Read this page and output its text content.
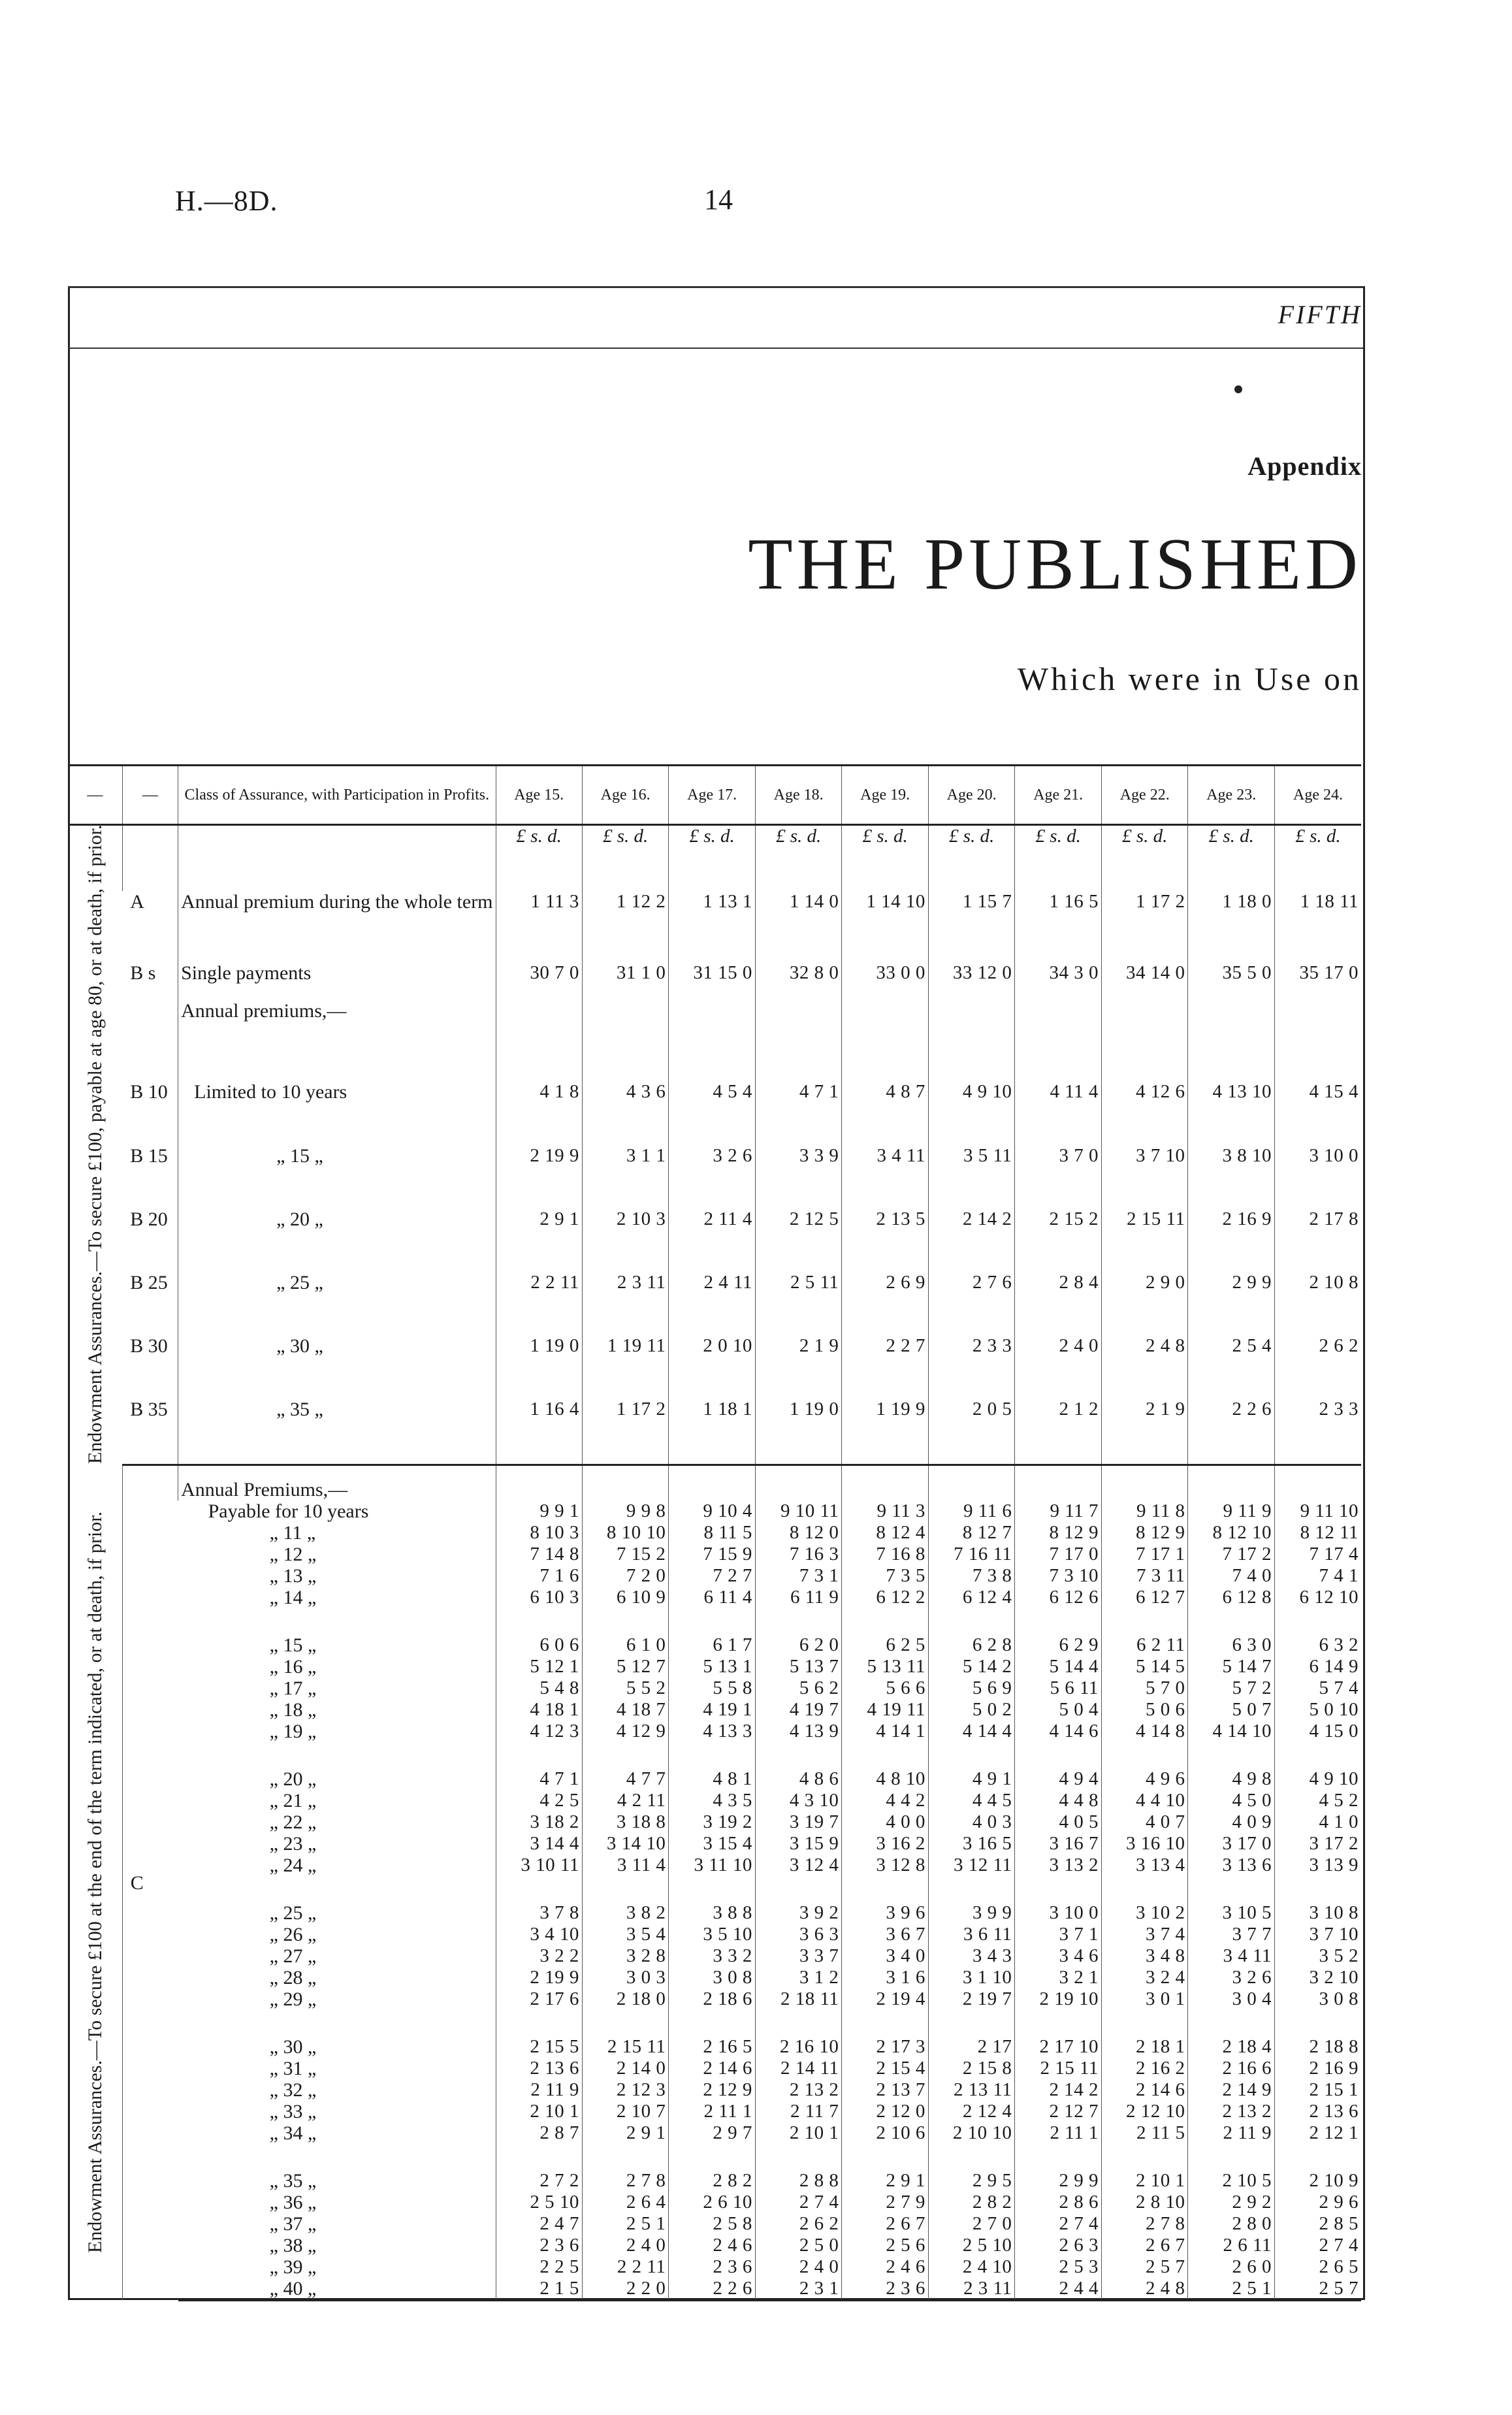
H.—8D.	14
FIFTH
Appendix
THE PUBLISHED
Which were in Use on
—	—	Class of Assurance, with Participation in Profits.	Age 15.	Age 16.	Age 17.	Age 18.	Age 19.	Age 20.	Age 21.	Age 22.	Age 23.	Age 24.
Endowment Assurances.—To secure £100, payable at age 80, or at death, if prior.			£ s. d.	£ s. d.	£ s. d.	£ s. d.	£ s. d.	£ s. d.	£ s. d.	£ s. d.	£ s. d.	£ s. d.
	A	Annual premium during the whole term	1 11 3	1 12 2	1 13 1	1 14 0	1 14 10	1 15 7	1 16 5	1 17 2	1 18 0	1 18 11
	B s	Single payments	30 7 0	31 1 0	31 15 0	32 8 0	33 0 0	33 12 0	34 3 0	34 14 0	35 5 0	35 17 0
		Annual premiums,—										
	B 10	Limited to 10 years	4 1 8	4 3 6	4 5 4	4 7 1	4 8 7	4 9 10	4 11 4	4 12 6	4 13 10	4 15 4
	B 15	„ 15 „	2 19 9	3 1 1	3 2 6	3 3 9	3 4 11	3 5 11	3 7 0	3 7 10	3 8 10	3 10 0
	B 20	„ 20 „	2 9 1	2 10 3	2 11 4	2 12 5	2 13 5	2 14 2	2 15 2	2 15 11	2 16 9	2 17 8
	B 25	„ 25 „	2 2 11	2 3 11	2 4 11	2 5 11	2 6 9	2 7 6	2 8 4	2 9 0	2 9 9	2 10 8
	B 30	„ 30 „	1 19 0	1 19 11	2 0 10	2 1 9	2 2 7	2 3 3	2 4 0	2 4 8	2 5 4	2 6 2
	B 35	„ 35 „	1 16 4	1 17 2	1 18 1	1 19 0	1 19 9	2 0 5	2 1 2	2 1 9	2 2 6	2 3 3
Endowment Assurances.—To secure £100 at the end of the term indicated, or at death, if prior.	C	Annual Premiums,—										
		Payable for 10 years	9 9 1	9 9 8	9 10 4	9 10 11	9 11 3	9 11 6	9 11 7	9 11 8	9 11 9	9 11 10
		„ 11 „	8 10 3	8 10 10	8 11 5	8 12 0	8 12 4	8 12 7	8 12 9	8 12 9	8 12 10	8 12 11
		„ 12 „	7 14 8	7 15 2	7 15 9	7 16 3	7 16 8	7 16 11	7 17 0	7 17 1	7 17 2	7 17 4
		„ 13 „	7 1 6	7 2 0	7 2 7	7 3 1	7 3 5	7 3 8	7 3 10	7 3 11	7 4 0	7 4 1
		„ 14 „	6 10 3	6 10 9	6 11 4	6 11 9	6 12 2	6 12 4	6 12 6	6 12 7	6 12 8	6 12 10

		„ 15 „	6 0 6	6 1 0	6 1 7	6 2 0	6 2 5	6 2 8	6 2 9	6 2 11	6 3 0	6 3 2
		„ 16 „	5 12 1	5 12 7	5 13 1	5 13 7	5 13 11	5 14 2	5 14 4	5 14 5	5 14 7	6 14 9
		„ 17 „	5 4 8	5 5 2	5 5 8	5 6 2	5 6 6	5 6 9	5 6 11	5 7 0	5 7 2	5 7 4
		„ 18 „	4 18 1	4 18 7	4 19 1	4 19 7	4 19 11	5 0 2	5 0 4	5 0 6	5 0 7	5 0 10
		„ 19 „	4 12 3	4 12 9	4 13 3	4 13 9	4 14 1	4 14 4	4 14 6	4 14 8	4 14 10	4 15 0

		„ 20 „	4 7 1	4 7 7	4 8 1	4 8 6	4 8 10	4 9 1	4 9 4	4 9 6	4 9 8	4 9 10
		„ 21 „	4 2 5	4 2 11	4 3 5	4 3 10	4 4 2	4 4 5	4 4 8	4 4 10	4 5 0	4 5 2
		„ 22 „	3 18 2	3 18 8	3 19 2	3 19 7	4 0 0	4 0 3	4 0 5	4 0 7	4 0 9	4 1 0
		„ 23 „	3 14 4	3 14 10	3 15 4	3 15 9	3 16 2	3 16 5	3 16 7	3 16 10	3 17 0	3 17 2
		„ 24 „	3 10 11	3 11 4	3 11 10	3 12 4	3 12 8	3 12 11	3 13 2	3 13 4	3 13 6	3 13 9

		„ 25 „	3 7 8	3 8 2	3 8 8	3 9 2	3 9 6	3 9 9	3 10 0	3 10 2	3 10 5	3 10 8
		„ 26 „	3 4 10	3 5 4	3 5 10	3 6 3	3 6 7	3 6 11	3 7 1	3 7 4	3 7 7	3 7 10
		„ 27 „	3 2 2	3 2 8	3 3 2	3 3 7	3 4 0	3 4 3	3 4 6	3 4 8	3 4 11	3 5 2
		„ 28 „	2 19 9	3 0 3	3 0 8	3 1 2	3 1 6	3 1 10	3 2 1	3 2 4	3 2 6	3 2 10
		„ 29 „	2 17 6	2 18 0	2 18 6	2 18 11	2 19 4	2 19 7	2 19 10	3 0 1	3 0 4	3 0 8

		„ 30 „	2 15 5	2 15 11	2 16 5	2 16 10	2 17 3	2 17	2 17 10	2 18 1	2 18 4	2 18 8
		„ 31 „	2 13 6	2 14 0	2 14 6	2 14 11	2 15 4	2 15 8	2 15 11	2 16 2	2 16 6	2 16 9
		„ 32 „	2 11 9	2 12 3	2 12 9	2 13 2	2 13 7	2 13 11	2 14 2	2 14 6	2 14 9	2 15 1
		„ 33 „	2 10 1	2 10 7	2 11 1	2 11 7	2 12 0	2 12 4	2 12 7	2 12 10	2 13 2	2 13 6
		„ 34 „	2 8 7	2 9 1	2 9 7	2 10 1	2 10 6	2 10 10	2 11 1	2 11 5	2 11 9	2 12 1

		„ 35 „	2 7 2	2 7 8	2 8 2	2 8 8	2 9 1	2 9 5	2 9 9	2 10 1	2 10 5	2 10 9
		„ 36 „	2 5 10	2 6 4	2 6 10	2 7 4	2 7 9	2 8 2	2 8 6	2 8 10	2 9 2	2 9 6
		„ 37 „	2 4 7	2 5 1	2 5 8	2 6 2	2 6 7	2 7 0	2 7 4	2 7 8	2 8 0	2 8 5
		„ 38 „	2 3 6	2 4 0	2 4 6	2 5 0	2 5 6	2 5 10	2 6 3	2 6 7	2 6 11	2 7 4
		„ 39 „	2 2 5	2 2 11	2 3 6	2 4 0	2 4 6	2 4 10	2 5 3	2 5 7	2 6 0	2 6 5
		„ 40 „	2 1 5	2 2 0	2 2 6	2 3 1	2 3 6	2 3 11	2 4 4	2 4 8	2 5 1	2 5 7
